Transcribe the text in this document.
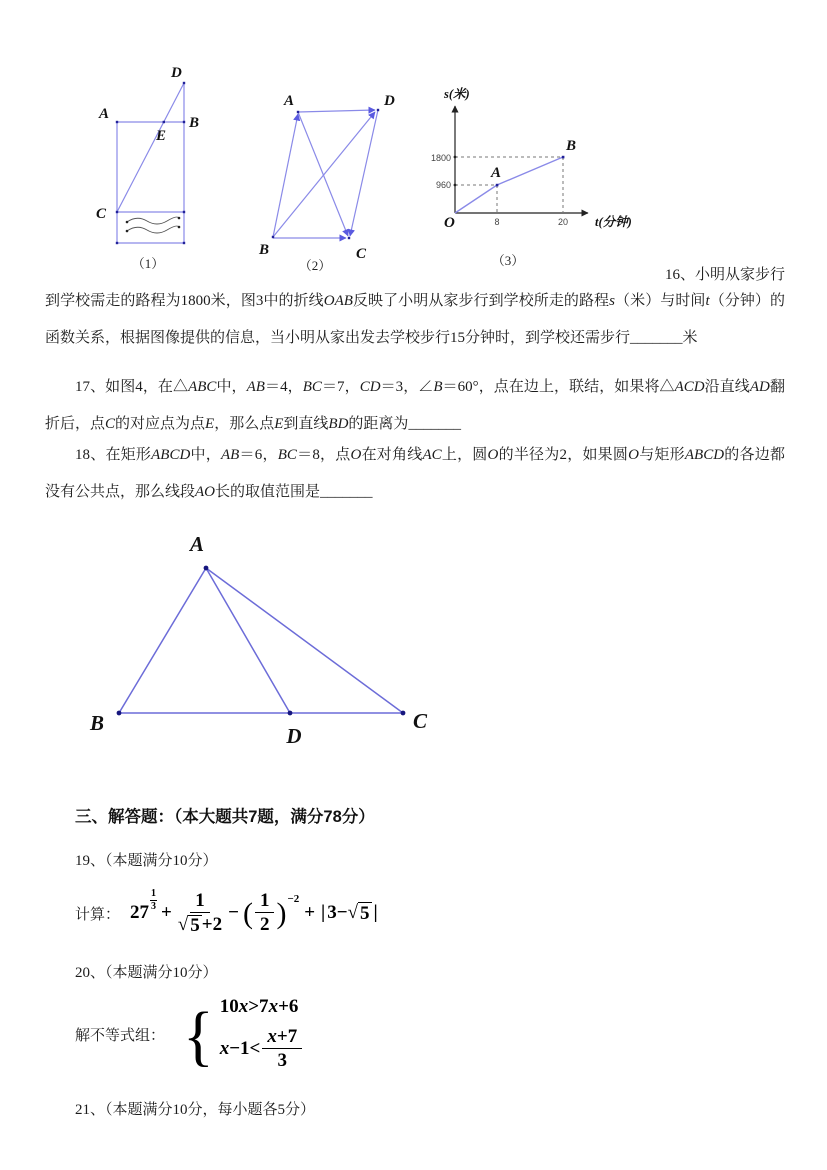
A
B
C
D
E
（1）
A	D
B	C
（2）
s(米)
t(分钟)
O
1800
960
8	20
A
B
（3）
16、小明从家步行
到学校需走的路程为1800米，图3中的折线OAB反映了小明从家步行到学校所走的路程s（米）与时间t（分钟）的
函数关系，根据图像提供的信息，当小明从家出发去学校步行15分钟时，到学校还需步行_______米
17、如图4，在△ABC中，AB＝4，BC＝7，CD＝3，∠B＝60°，点在边上，联结，如果将△ACD沿直线AD翻折后，点C的对应点为点E，那么点E到直线BD的距离为_______
18、在矩形ABCD中，AB＝6，BC＝8，点O在对角线AC上，圆O的半径为2，如果圆O与矩形ABCD的各边都没有公共点，那么线段AO长的取值范围是_______
A
B	C
D
三、解答题：（本大题共7题，满分78分）
19、（本题满分10分）
计算： 27
1
$3 + \frac{1}{√ 5 +2}$ − ( $\frac{1}{2}$ ) −2
+ | 3− √ 5 |
20、（本题满分10分）
解不等式组： { 10 x >7 x +6
$x-1< \frac{x+7}{3}$
21、（本题满分10分，每小题各5分）
